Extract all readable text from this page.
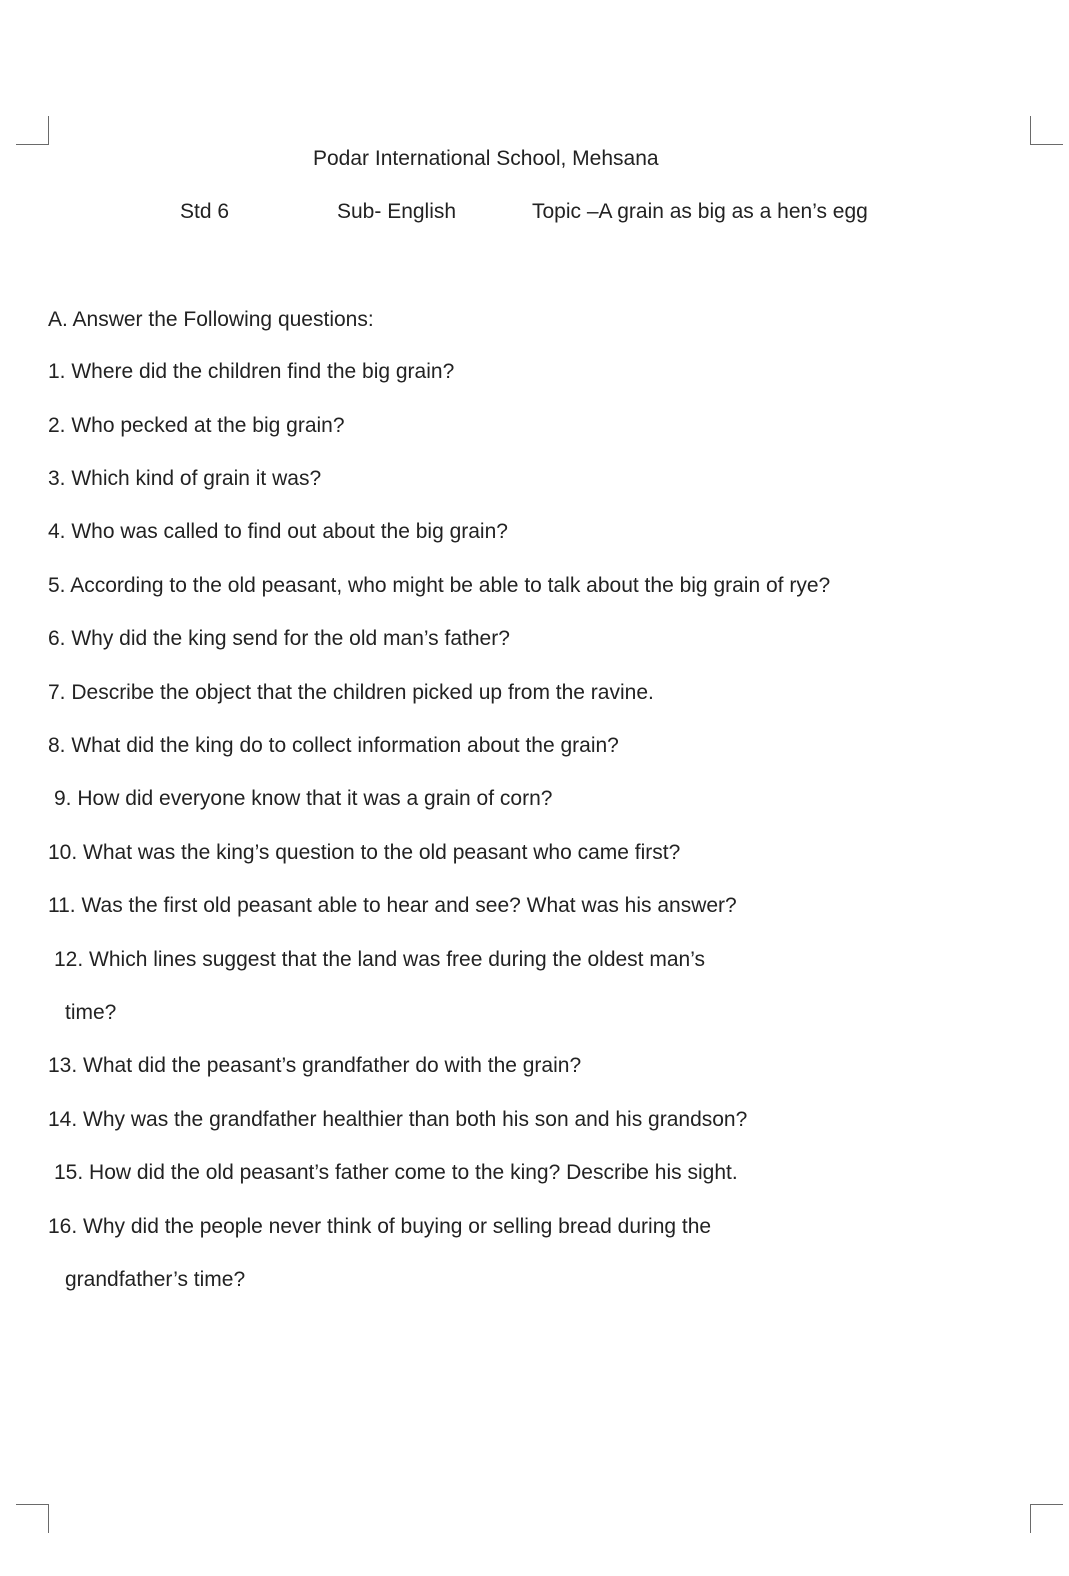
Podar International School, Mehsana

Std 6	Sub- English	Topic –A grain as big as a hen’s egg

A. Answer the Following questions:

1. Where did the children find the big grain?

2. Who pecked at the big grain?

3. Which kind of grain it was?

4. Who was called to find out about the big grain?

5. According to the old peasant, who might be able to talk about the big grain of rye?

6. Why did the king send for the old man’s father?

7. Describe the object that the children picked up from the ravine.

8. What did the king do to collect information about the grain?

9. How did everyone know that it was a grain of corn?

10. What was the king’s question to the old peasant who came first?

11. Was the first old peasant able to hear and see? What was his answer?

12. Which lines suggest that the land was free during the oldest man’s

time?

13. What did the peasant’s grandfather do with the grain?

14. Why was the grandfather healthier than both his son and his grandson?

15. How did the old peasant’s father come to the king? Describe his sight.

16. Why did the people never think of buying or selling bread during the

grandfather’s time?
